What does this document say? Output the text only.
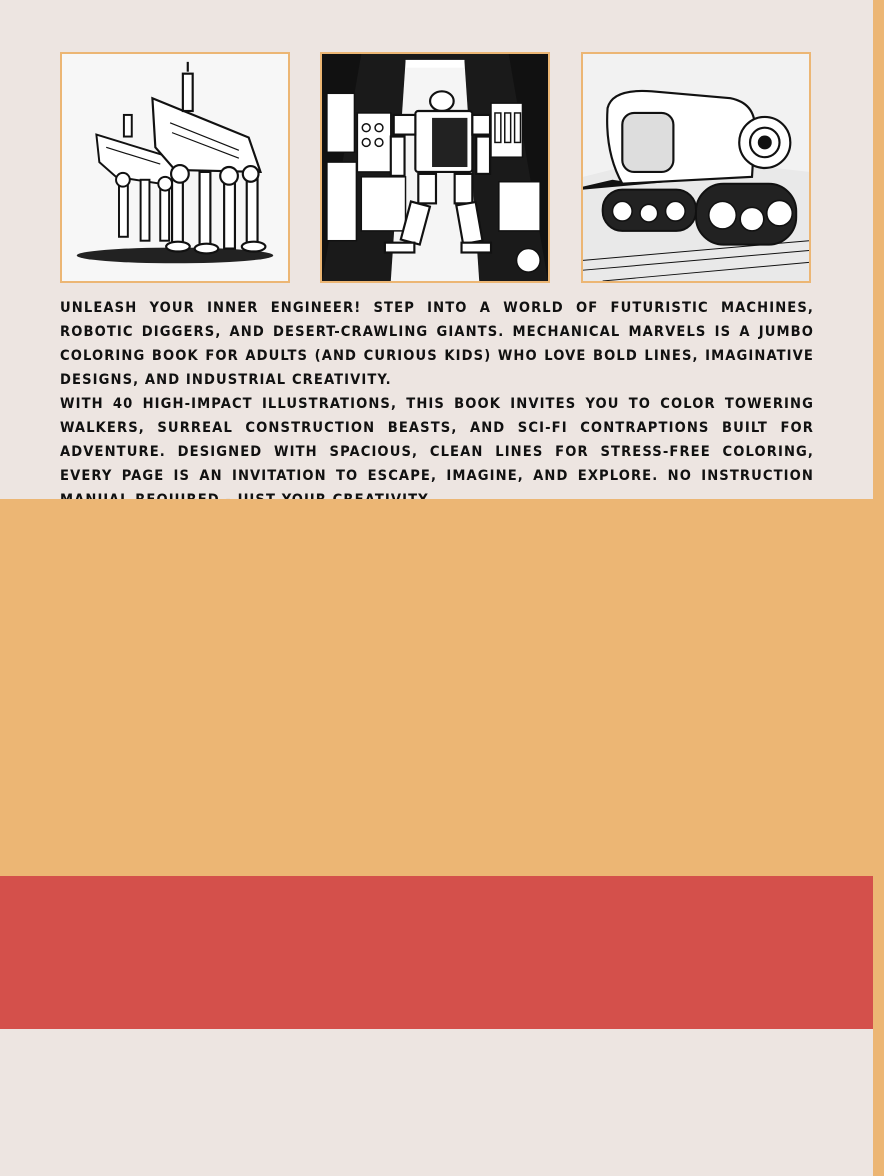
UNLEASH YOUR INNER ENGINEER! STEP INTO A WORLD OF FUTURISTIC MACHINES, ROBOTIC DIGGERS, AND DESERT-CRAWLING GIANTS. MECHANICAL MARVELS IS A JUMBO COLORING BOOK FOR ADULTS (AND CURIOUS KIDS) WHO LOVE BOLD LINES, IMAGINATIVE DESIGNS, AND INDUSTRIAL CREATIVITY.

WITH 40 HIGH-IMPACT ILLUSTRATIONS, THIS BOOK INVITES YOU TO COLOR TOWERING WALKERS, SURREAL CONSTRUCTION BEASTS, AND SCI-FI CONTRAPTIONS BUILT FOR ADVENTURE. DESIGNED WITH SPACIOUS, CLEAN LINES FOR STRESS-FREE COLORING, EVERY PAGE IS AN INVITATION TO ESCAPE, IMAGINE, AND EXPLORE. NO INSTRUCTION
